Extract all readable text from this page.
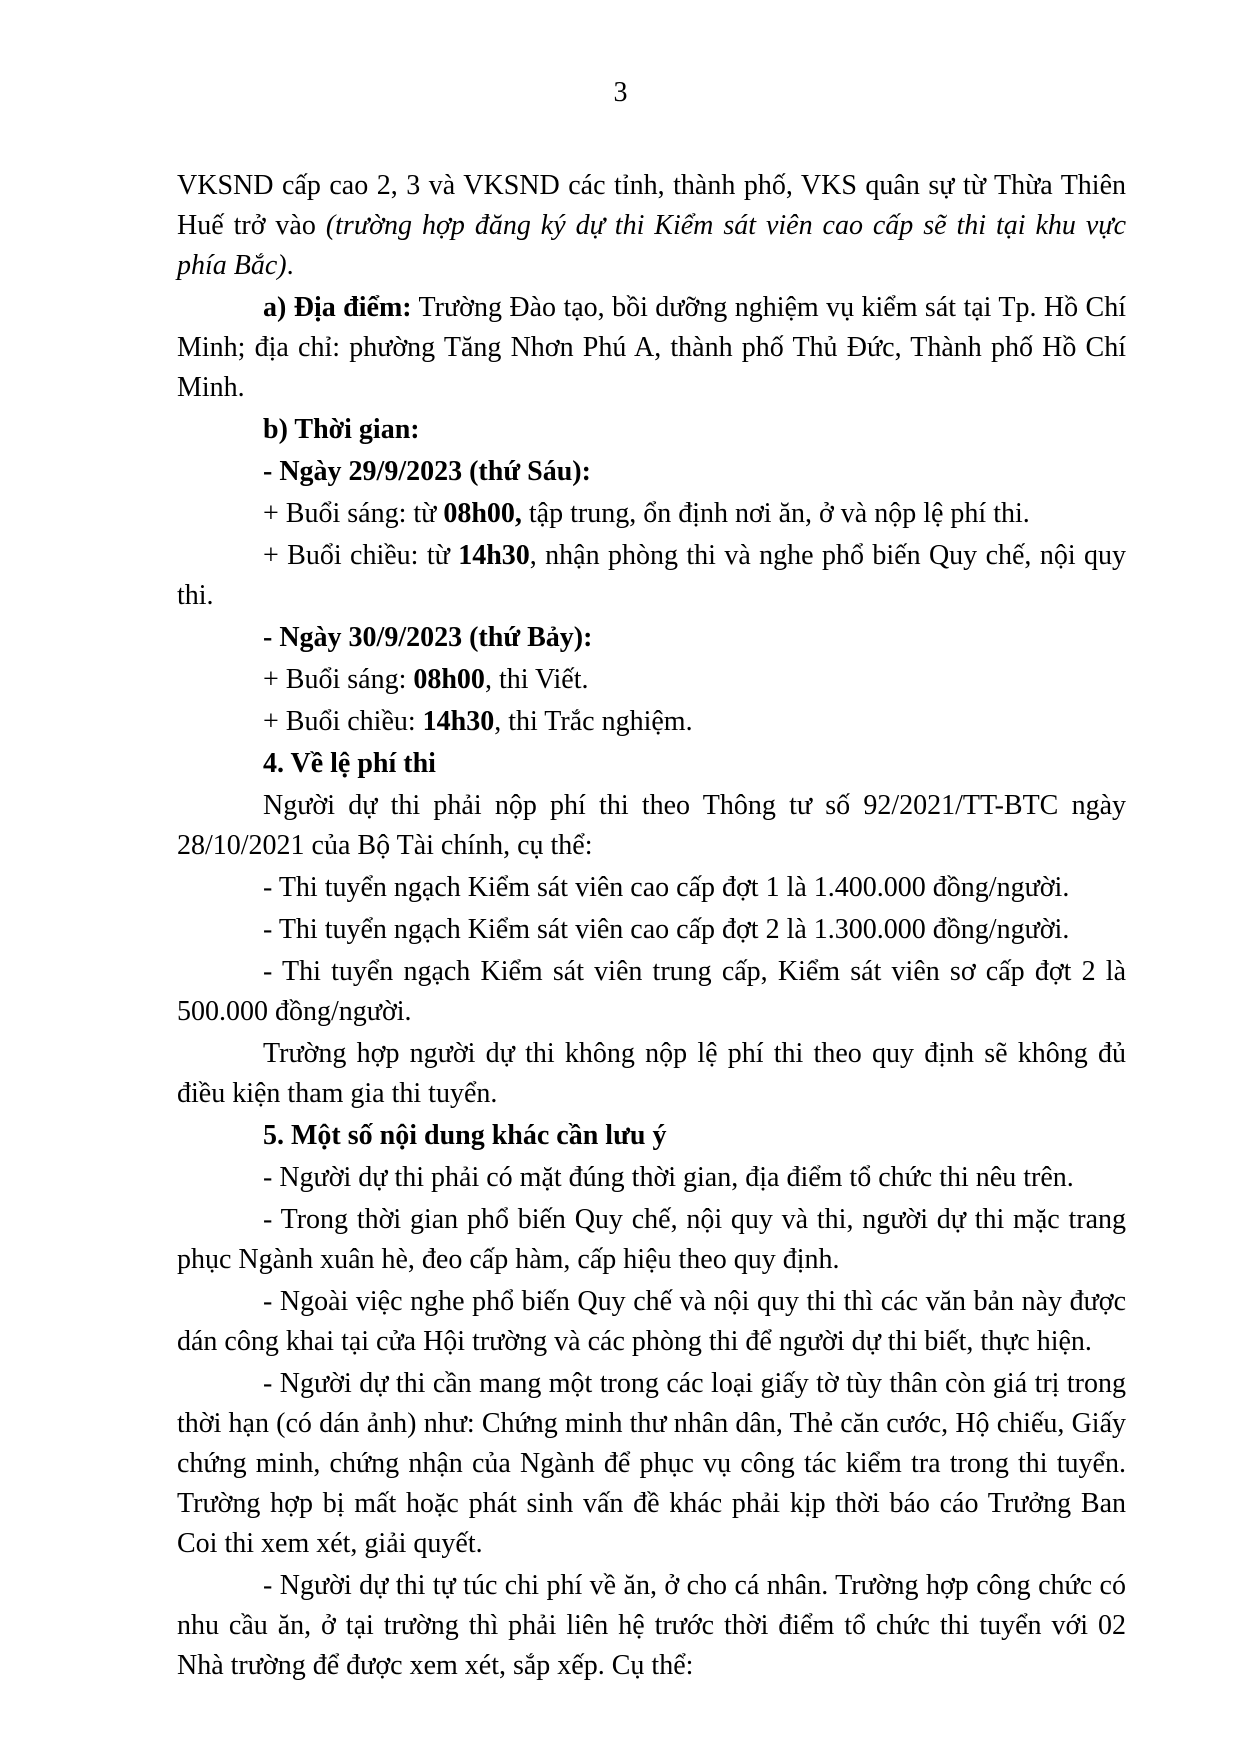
3

VKSND cấp cao 2, 3 và VKSND các tỉnh, thành phố, VKS quân sự từ Thừa Thiên Huế trở vào (trường hợp đăng ký dự thi Kiểm sát viên cao cấp sẽ thi tại khu vực phía Bắc).

a) Địa điểm: Trường Đào tạo, bồi dưỡng nghiệm vụ kiểm sát tại Tp. Hồ Chí Minh; địa chỉ: phường Tăng Nhơn Phú A, thành phố Thủ Đức, Thành phố Hồ Chí Minh.

b) Thời gian:

- Ngày 29/9/2023 (thứ Sáu):

+ Buổi sáng: từ 08h00, tập trung, ổn định nơi ăn, ở và nộp lệ phí thi.

+ Buổi chiều: từ 14h30, nhận phòng thi và nghe phổ biến Quy chế, nội quy thi.

- Ngày 30/9/2023 (thứ Bảy):

+ Buổi sáng: 08h00, thi Viết.

+ Buổi chiều: 14h30, thi Trắc nghiệm.

4. Về lệ phí thi

Người dự thi phải nộp phí thi theo Thông tư số 92/2021/TT-BTC ngày 28/10/2021 của Bộ Tài chính, cụ thể:

- Thi tuyển ngạch Kiểm sát viên cao cấp đợt 1 là 1.400.000 đồng/người.

- Thi tuyển ngạch Kiểm sát viên cao cấp đợt 2 là 1.300.000 đồng/người.

- Thi tuyển ngạch Kiểm sát viên trung cấp, Kiểm sát viên sơ cấp đợt 2 là 500.000 đồng/người.

Trường hợp người dự thi không nộp lệ phí thi theo quy định sẽ không đủ điều kiện tham gia thi tuyển.

5. Một số nội dung khác cần lưu ý

- Người dự thi phải có mặt đúng thời gian, địa điểm tổ chức thi nêu trên.

- Trong thời gian phổ biến Quy chế, nội quy và thi, người dự thi mặc trang phục Ngành xuân hè, đeo cấp hàm, cấp hiệu theo quy định.

- Ngoài việc nghe phổ biến Quy chế và nội quy thi thì các văn bản này được dán công khai tại cửa Hội trường và các phòng thi để người dự thi biết, thực hiện.

- Người dự thi cần mang một trong các loại giấy tờ tùy thân còn giá trị trong thời hạn (có dán ảnh) như: Chứng minh thư nhân dân, Thẻ căn cước, Hộ chiếu, Giấy chứng minh, chứng nhận của Ngành để phục vụ công tác kiểm tra trong thi tuyển. Trường hợp bị mất hoặc phát sinh vấn đề khác phải kịp thời báo cáo Trưởng Ban Coi thi xem xét, giải quyết.

- Người dự thi tự túc chi phí về ăn, ở cho cá nhân. Trường hợp công chức có nhu cầu ăn, ở tại trường thì phải liên hệ trước thời điểm tổ chức thi tuyển với 02 Nhà trường để được xem xét, sắp xếp. Cụ thể:
